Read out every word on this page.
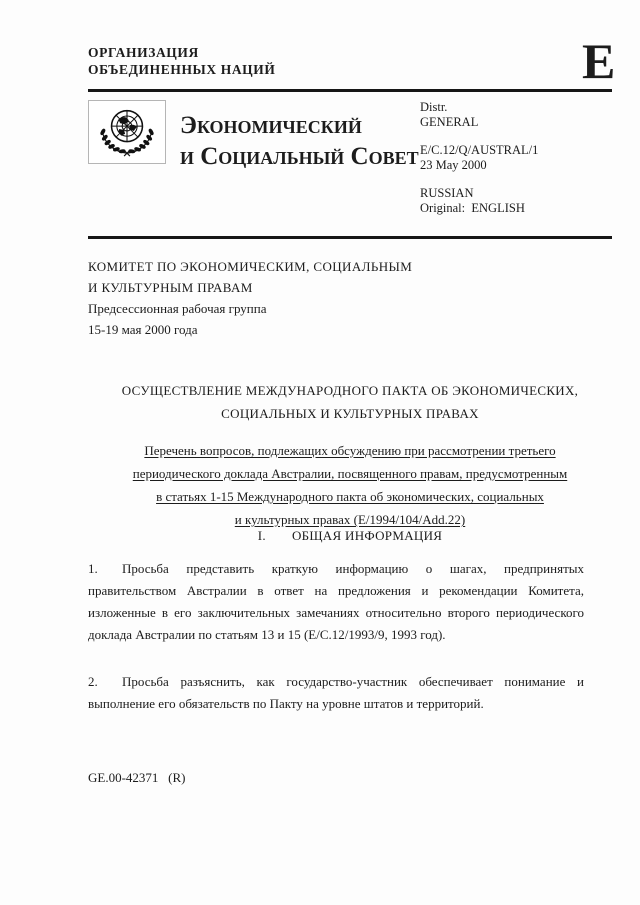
ОРГАНИЗАЦИЯ
ОБЪЕДИНЕННЫХ НАЦИЙ	E
Экономический
и Социальный Совет
Distr.
GENERAL
E/C.12/Q/AUSTRAL/1
23 May 2000
RUSSIAN
Original:  ENGLISH
КОМИТЕТ ПО ЭКОНОМИЧЕСКИМ, СОЦИАЛЬНЫМ
И КУЛЬТУРНЫМ ПРАВАМ
Предсессионная рабочая группа
15-19 мая 2000 года
ОСУЩЕСТВЛЕНИЕ МЕЖДУНАРОДНОГО ПАКТА ОБ ЭКОНОМИЧЕСКИХ,
СОЦИАЛЬНЫХ И КУЛЬТУРНЫХ ПРАВАХ
Перечень вопросов, подлежащих обсуждению при рассмотрении третьего
периодического доклада Австралии, посвященного правам, предусмотренным
в статьях 1-15 Международного пакта об экономических, социальных
и культурных правах (E/1994/104/Add.22)
I. ОБЩАЯ ИНФОРМАЦИЯ

1. Просьба представить краткую информацию о шагах, предпринятых правительством Австралии в ответ на предложения и рекомендации Комитета, изложенные в его заключительных замечаниях относительно второго периодического доклада Австралии по статьям 13 и 15 (E/C.12/1993/9, 1993 год).

2. Просьба разъяснить, как государство-участник обеспечивает понимание и выполнение его обязательств по Пакту на уровне штатов и территорий.

GE.00-42371   (R)
